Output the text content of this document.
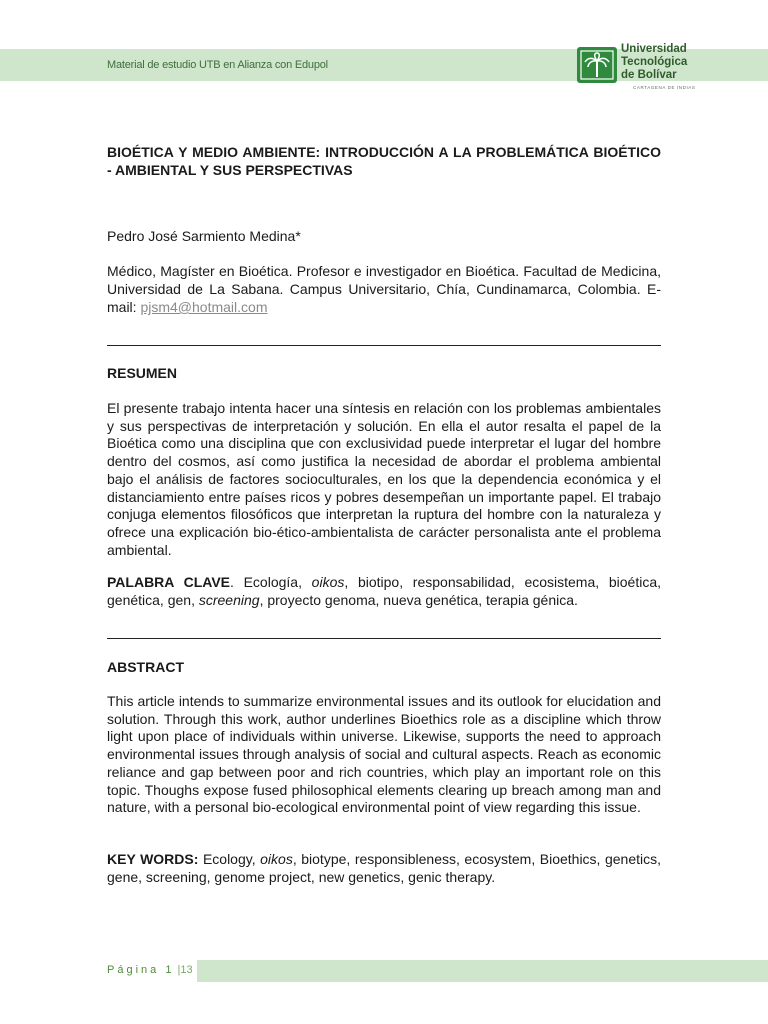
Material de estudio UTB en Alianza con Edupol
Universidad
Tecnológica
de Bolívar
CARTAGENA DE INDIAS
BIOÉTICA Y MEDIO AMBIENTE: INTRODUCCIÓN A LA PROBLEMÁTICA BIOÉTICO - AMBIENTAL Y SUS PERSPECTIVAS
Pedro José Sarmiento Medina*
Médico, Magíster en Bioética. Profesor e investigador en Bioética. Facultad de Medicina, Universidad de La Sabana. Campus Universitario, Chía, Cundinamarca, Colombia. E-mail: pjsm4@hotmail.com
RESUMEN
El presente trabajo intenta hacer una síntesis en relación con los problemas ambientales y sus perspectivas de interpretación y solución. En ella el autor resalta el papel de la Bioética como una disciplina que con exclusividad puede interpretar el lugar del hombre dentro del cosmos, así como justifica la necesidad de abordar el problema ambiental bajo el análisis de factores socioculturales, en los que la dependencia económica y el distanciamiento entre países ricos y pobres desempeñan un importante papel. El trabajo conjuga elementos filosóficos que interpretan la ruptura del hombre con la naturaleza y ofrece una explicación bio-ético-ambientalista de carácter personalista ante el problema ambiental.
PALABRA CLAVE. Ecología, oikos, biotipo, responsabilidad, ecosistema, bioética, genética, gen, screening, proyecto genoma, nueva genética, terapia génica.
ABSTRACT
This article intends to summarize environmental issues and its outlook for elucidation and solution. Through this work, author underlines Bioethics role as a discipline which throw light upon place of individuals within universe. Likewise, supports the need to approach environmental issues through analysis of social and cultural aspects. Reach as economic reliance and gap between poor and rich countries, which play an important role on this topic. Thoughs expose fused philosophical elements clearing up breach among man and nature, with a personal bio-ecological environmental point of view regarding this issue.
KEY WORDS: Ecology, oikos, biotype, responsibleness, ecosystem, Bioethics, genetics, gene, screening, genome project, new genetics, genic therapy.
Página 1 |13
